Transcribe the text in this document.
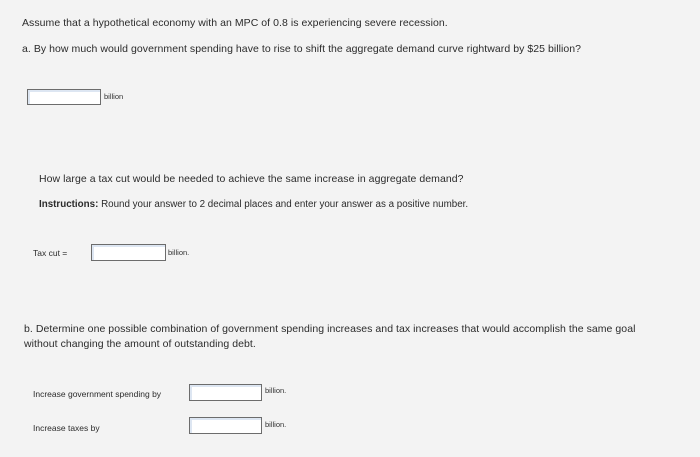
Assume that a hypothetical economy with an MPC of 0.8 is experiencing severe recession.
a. By how much would government spending have to rise to shift the aggregate demand curve rightward by $25 billion?
billion
How large a tax cut would be needed to achieve the same increase in aggregate demand?
Instructions: Round your answer to 2 decimal places and enter your answer as a positive number.
Tax cut =	billion.
b. Determine one possible combination of government spending increases and tax increases that would accomplish the same goal
without changing the amount of outstanding debt.
Increase government spending by	billion.
Increase taxes by	billion.
